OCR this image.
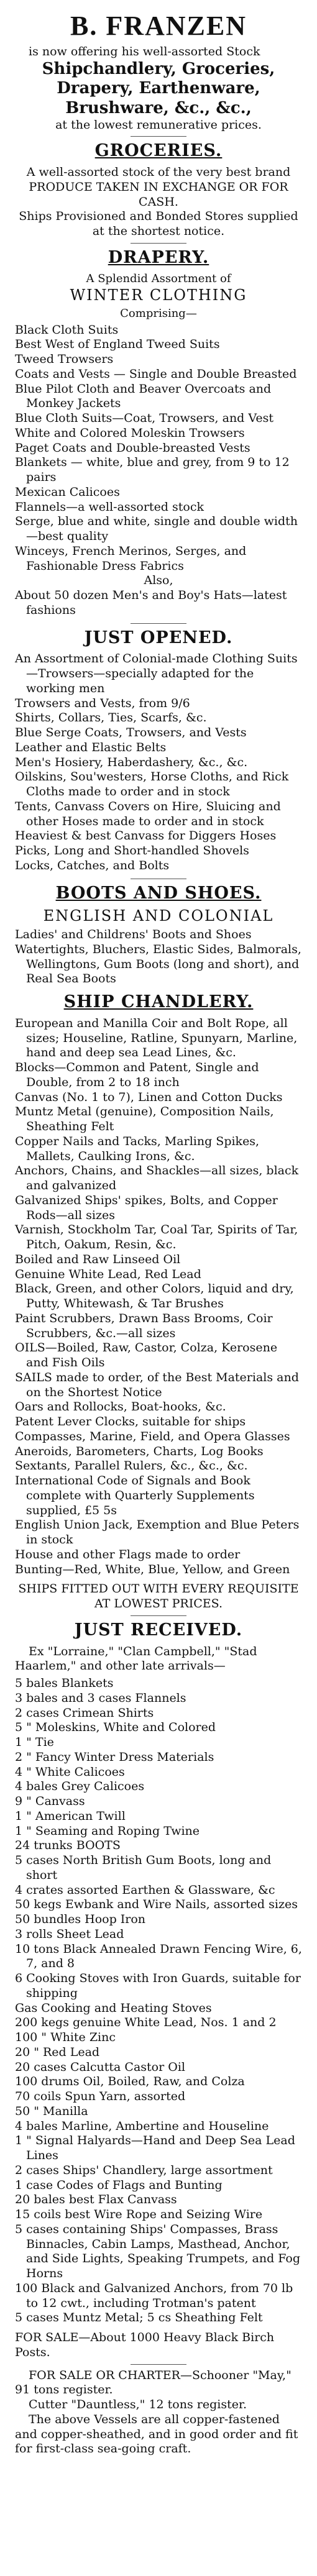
B. FRANZEN

is now offering his well-assorted Stock

Shipchandlery, Groceries,

Drapery, Earthenware,

Brushware, &c., &c.,

at the lowest remunerative prices.

GROCERIES.

A well-assorted stock of the very best brand

PRODUCE TAKEN IN EXCHANGE OR FOR CASH.

Ships Provisioned and Bonded Stores supplied at the shortest notice.

DRAPERY.
A Splendid Assortment of
WINTER CLOTHING
Comprising—

Black Cloth Suits

Best West of England Tweed Suits

Tweed Trowsers

Coats and Vests — Single and Double Breasted

Blue Pilot Cloth and Beaver Overcoats and Monkey Jackets

Blue Cloth Suits—Coat, Trowsers, and Vest

White and Colored Moleskin Trowsers

Paget Coats and Double-breasted Vests

Blankets — white, blue and grey, from 9 to 12 pairs

Mexican Calicoes

Flannels—a well-assorted stock

Serge, blue and white, single and double width—best quality

Winceys, French Merinos, Serges, and Fashionable Dress Fabrics

Also,

About 50 dozen Men's and Boy's Hats—latest fashions

JUST OPENED.

An Assortment of Colonial-made Clothing Suits—Trowsers—specially adapted for the working men

Trowsers and Vests, from 9/6

Shirts, Collars, Ties, Scarfs, &c.

Blue Serge Coats, Trowsers, and Vests

Leather and Elastic Belts

Men's Hosiery, Haberdashery, &c., &c.

Oilskins, Sou'westers, Horse Cloths, and Rick Cloths made to order and in stock

Tents, Canvass Covers on Hire, Sluicing and other Hoses made to order and in stock

Heaviest & best Canvass for Diggers Hoses

Picks, Long and Short-handled Shovels

Locks, Catches, and Bolts

BOOTS AND SHOES.
ENGLISH AND COLONIAL

Ladies' and Childrens' Boots and Shoes

Watertights, Bluchers, Elastic Sides, Balmorals, Wellingtons, Gum Boots (long and short), and Real Sea Boots

SHIP CHANDLERY.

European and Manilla Coir and Bolt Rope, all sizes; Houseline, Ratline, Spunyarn, Marline, hand and deep sea Lead Lines, &c.

Blocks—Common and Patent, Single and Double, from 2 to 18 inch

Canvas (No. 1 to 7), Linen and Cotton Ducks

Muntz Metal (genuine), Composition Nails, Sheathing Felt

Copper Nails and Tacks, Marling Spikes, Mallets, Caulking Irons, &c.

Anchors, Chains, and Shackles—all sizes, black and galvanized

Galvanized Ships' spikes, Bolts, and Copper Rods—all sizes

Varnish, Stockholm Tar, Coal Tar, Spirits of Tar, Pitch, Oakum, Resin, &c.

Boiled and Raw Linseed Oil

Genuine White Lead, Red Lead

Black, Green, and other Colors, liquid and dry, Putty, Whitewash, & Tar Brushes

Paint Scrubbers, Drawn Bass Brooms, Coir Scrubbers, &c.—all sizes

OILS—Boiled, Raw, Castor, Colza, Kerosene and Fish Oils

SAILS made to order, of the Best Materials and on the Shortest Notice

Oars and Rollocks, Boat-hooks, &c.

Patent Lever Clocks, suitable for ships

Compasses, Marine, Field, and Opera Glasses

Aneroids, Barometers, Charts, Log Books

Sextants, Parallel Rulers, &c., &c., &c.

International Code of Signals and Book complete with Quarterly Supplements supplied, £5 5s

English Union Jack, Exemption and Blue Peters in stock

House and other Flags made to order

Bunting—Red, White, Blue, Yellow, and Green

SHIPS FITTED OUT WITH EVERY REQUISITE AT LOWEST PRICES.

JUST RECEIVED.

Ex "Lorraine," "Clan Campbell," "Stad Haarlem," and other late arrivals—

5 bales Blankets

3 bales and 3 cases Flannels

2 cases Crimean Shirts

5 " Moleskins, White and Colored

1 " Tie

2 " Fancy Winter Dress Materials

4 " White Calicoes

4 bales Grey Calicoes

9 " Canvass

1 " American Twill

1 " Seaming and Roping Twine

24 trunks BOOTS

5 cases North British Gum Boots, long and short

4 crates assorted Earthen & Glassware, &c

50 kegs Ewbank and Wire Nails, assorted sizes

50 bundles Hoop Iron

3 rolls Sheet Lead

10 tons Black Annealed Drawn Fencing Wire, 6, 7, and 8

6 Cooking Stoves with Iron Guards, suitable for shipping

Gas Cooking and Heating Stoves

200 kegs genuine White Lead, Nos. 1 and 2

100 " White Zinc

20 " Red Lead

20 cases Calcutta Castor Oil

100 drums Oil, Boiled, Raw, and Colza

70 coils Spun Yarn, assorted

50 " Manilla

4 bales Marline, Ambertine and Houseline

1 " Signal Halyards—Hand and Deep Sea Lead Lines

2 cases Ships' Chandlery, large assortment

1 case Codes of Flags and Bunting

20 bales best Flax Canvass

15 coils best Wire Rope and Seizing Wire

5 cases containing Ships' Compasses, Brass Binnacles, Cabin Lamps, Masthead, Anchor, and Side Lights, Speaking Trumpets, and Fog Horns

100 Black and Galvanized Anchors, from 70 lb to 12 cwt., including Trotman's patent

5 cases Muntz Metal; 5 cs Sheathing Felt

FOR SALE—About 1000 Heavy Black Birch Posts.

FOR SALE OR CHARTER—Schooner "May," 91 tons register.

Cutter "Dauntless," 12 tons register.

The above Vessels are all copper-fastened and copper-sheathed, and in good order and fit for first-class sea-going craft.
